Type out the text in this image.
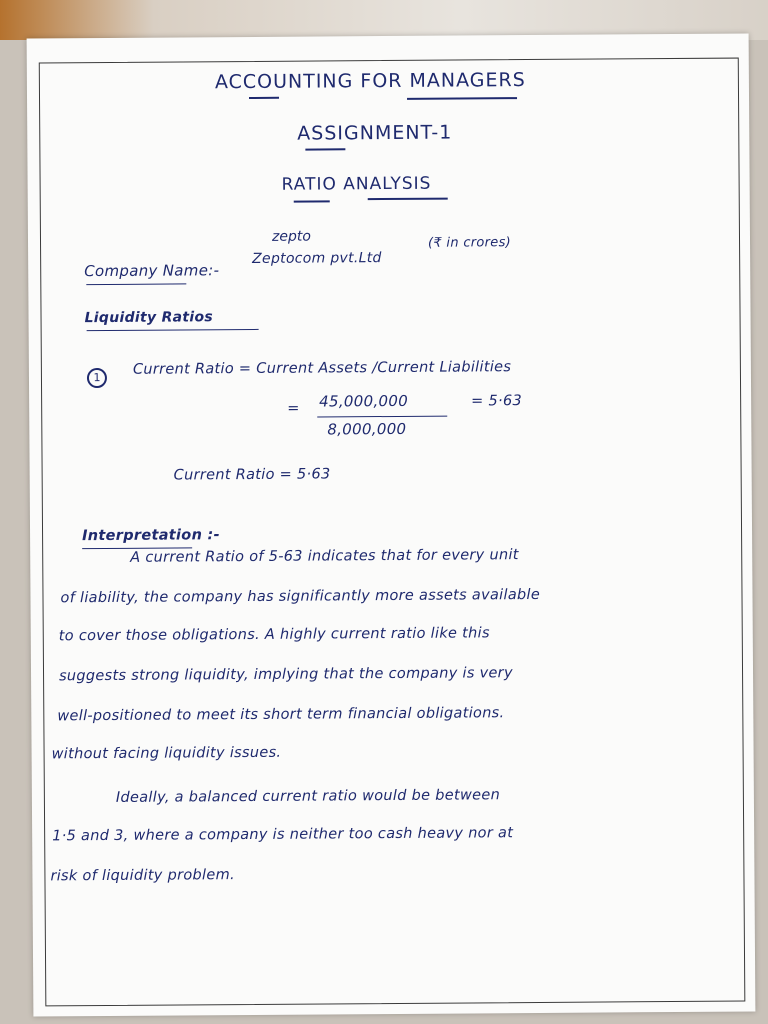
ACCOUNTING FOR MANAGERS
ASSIGNMENT-1
RATIO ANALYSIS
zepto
Company Name:-
Zeptocom pvt.Ltd
(₹ in crores)
Liquidity Ratios
1	Current Ratio = Current Assets /Current Liabilities
= 45,000,000
8,000,000
= 5·63
Current Ratio = 5·63
Interpretation :-
A current Ratio of 5-63 indicates that for every unit
of liability, the company has significantly more assets available
to cover those obligations. A highly current ratio like this
suggests strong liquidity, implying that the company is very
well-positioned to meet its short term financial obligations.
without facing liquidity issues.
Ideally, a balanced current ratio would be between
1·5 and 3, where a company is neither too cash heavy nor at
risk of liquidity problem.
